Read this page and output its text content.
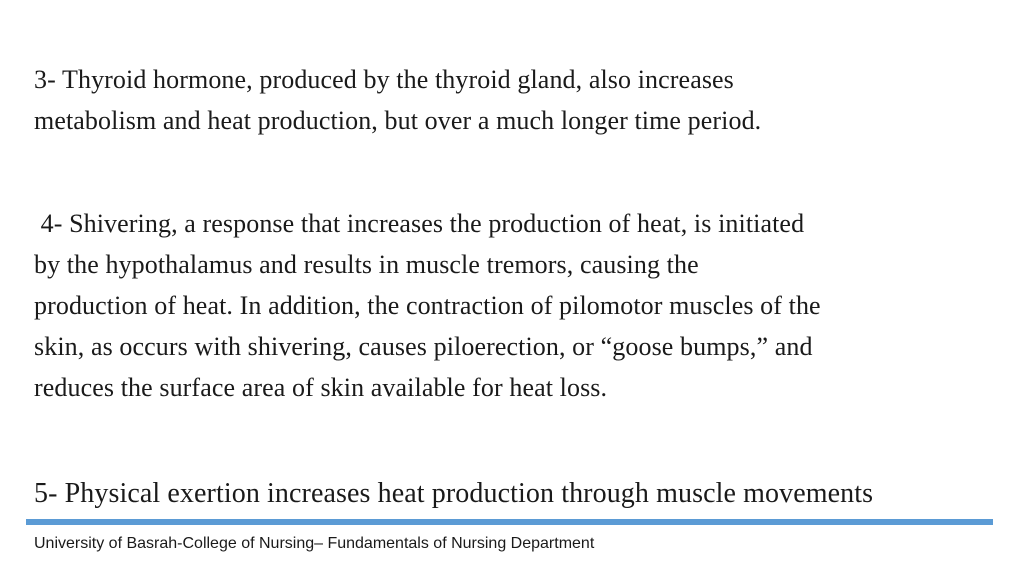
3- Thyroid hormone, produced by the thyroid gland, also increases
metabolism and heat production, but over a much longer time period.

4- Shivering, a response that increases the production of heat, is initiated
by the hypothalamus and results in muscle tremors, causing the
production of heat. In addition, the contraction of pilomotor muscles of the
skin, as occurs with shivering, causes piloerection, or “goose bumps,” and
reduces the surface area of skin available for heat loss.

5- Physical exertion increases heat production through muscle movements

University of Basrah-College of Nursing– Fundamentals of Nursing Department
